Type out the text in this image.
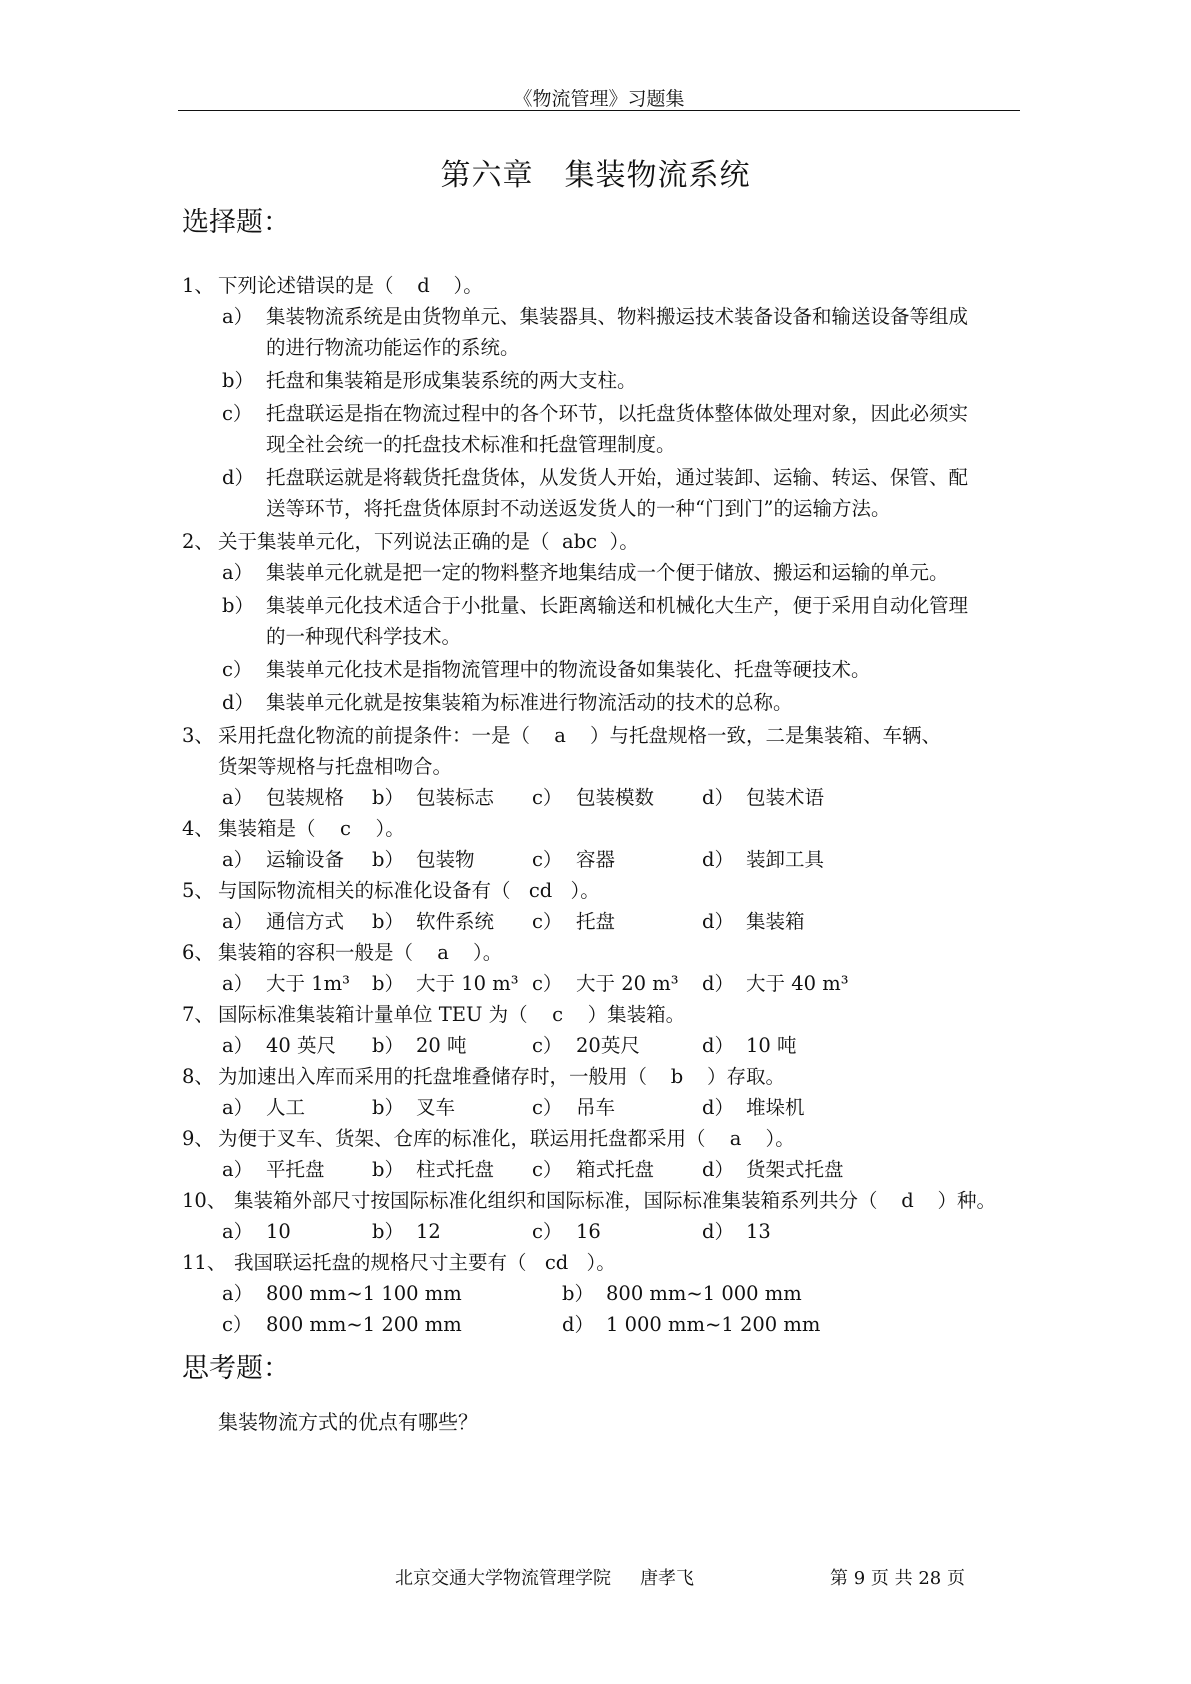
《物流管理》习题集
第六章　集装物流系统
选择题：
1、 下列论述错误的是（ d ）。
a） 集装物流系统是由货物单元、集装器具、物料搬运技术装备设备和输送设备等组成
的进行物流功能运作的系统。
b） 托盘和集装箱是形成集装系统的两大支柱。
c） 托盘联运是指在物流过程中的各个环节，以托盘货体整体做处理对象，因此必须实
现全社会统一的托盘技术标准和托盘管理制度。
d） 托盘联运就是将载货托盘货体，从发货人开始，通过装卸、运输、转运、保管、配
送等环节，将托盘货体原封不动送返发货人的一种“门到门”的运输方法。
2、 关于集装单元化，下列说法正确的是（ abc ）。
a） 集装单元化就是把一定的物料整齐地集结成一个便于储放、搬运和运输的单元。
b） 集装单元化技术适合于小批量、长距离输送和机械化大生产，便于采用自动化管理
的一种现代科学技术。
c） 集装单元化技术是指物流管理中的物流设备如集装化、托盘等硬技术。
d） 集装单元化就是按集装箱为标准进行物流活动的技术的总称。
3、 采用托盘化物流的前提条件：一是（ a ）与托盘规格一致，二是集装箱、车辆、
货架等规格与托盘相吻合。
a） 包装规格 b） 包装标志 c） 包装模数 d） 包装术语
4、 集装箱是（ c ）。
a） 运输设备 b） 包装物	c） 容器	d） 装卸工具
5、 与国际物流相关的标准化设备有（ cd ）。
a） 通信方式 b） 软件系统 c） 托盘	d） 集装箱
6、 集装箱的容积一般是（ a ）。
a） 大于 1m³ b） 大于 10 m³ c） 大于 20 m³ d） 大于 40 m³
7、 国际标准集装箱计量单位 TEU 为（ c ）集装箱。
a） 40 英尺 b） 20 吨	c） 20英尺	d） 10 吨
8、 为加速出入库而采用的托盘堆叠储存时，一般用（ b ）存取。
a） 人工	b） 叉车	c） 吊车	d） 堆垛机
9、 为便于叉车、货架、仓库的标准化，联运用托盘都采用（ a ）。
a） 平托盘 b） 柱式托盘 c） 箱式托盘 d） 货架式托盘
10、 集装箱外部尺寸按国际标准化组织和国际标准，国际标准集装箱系列共分（ d ）种。
a） 10	b） 12	c） 16	d） 13
11、 我国联运托盘的规格尺寸主要有（ cd ）。
a） 800 mm~1 100 mm	b） 800 mm~1 000 mm
c） 800 mm~1 200 mm	d） 1 000 mm~1 200 mm
思考题：
集装物流方式的优点有哪些？
北京交通大学物流管理学院 唐孝飞	第 9 页 共 28 页
